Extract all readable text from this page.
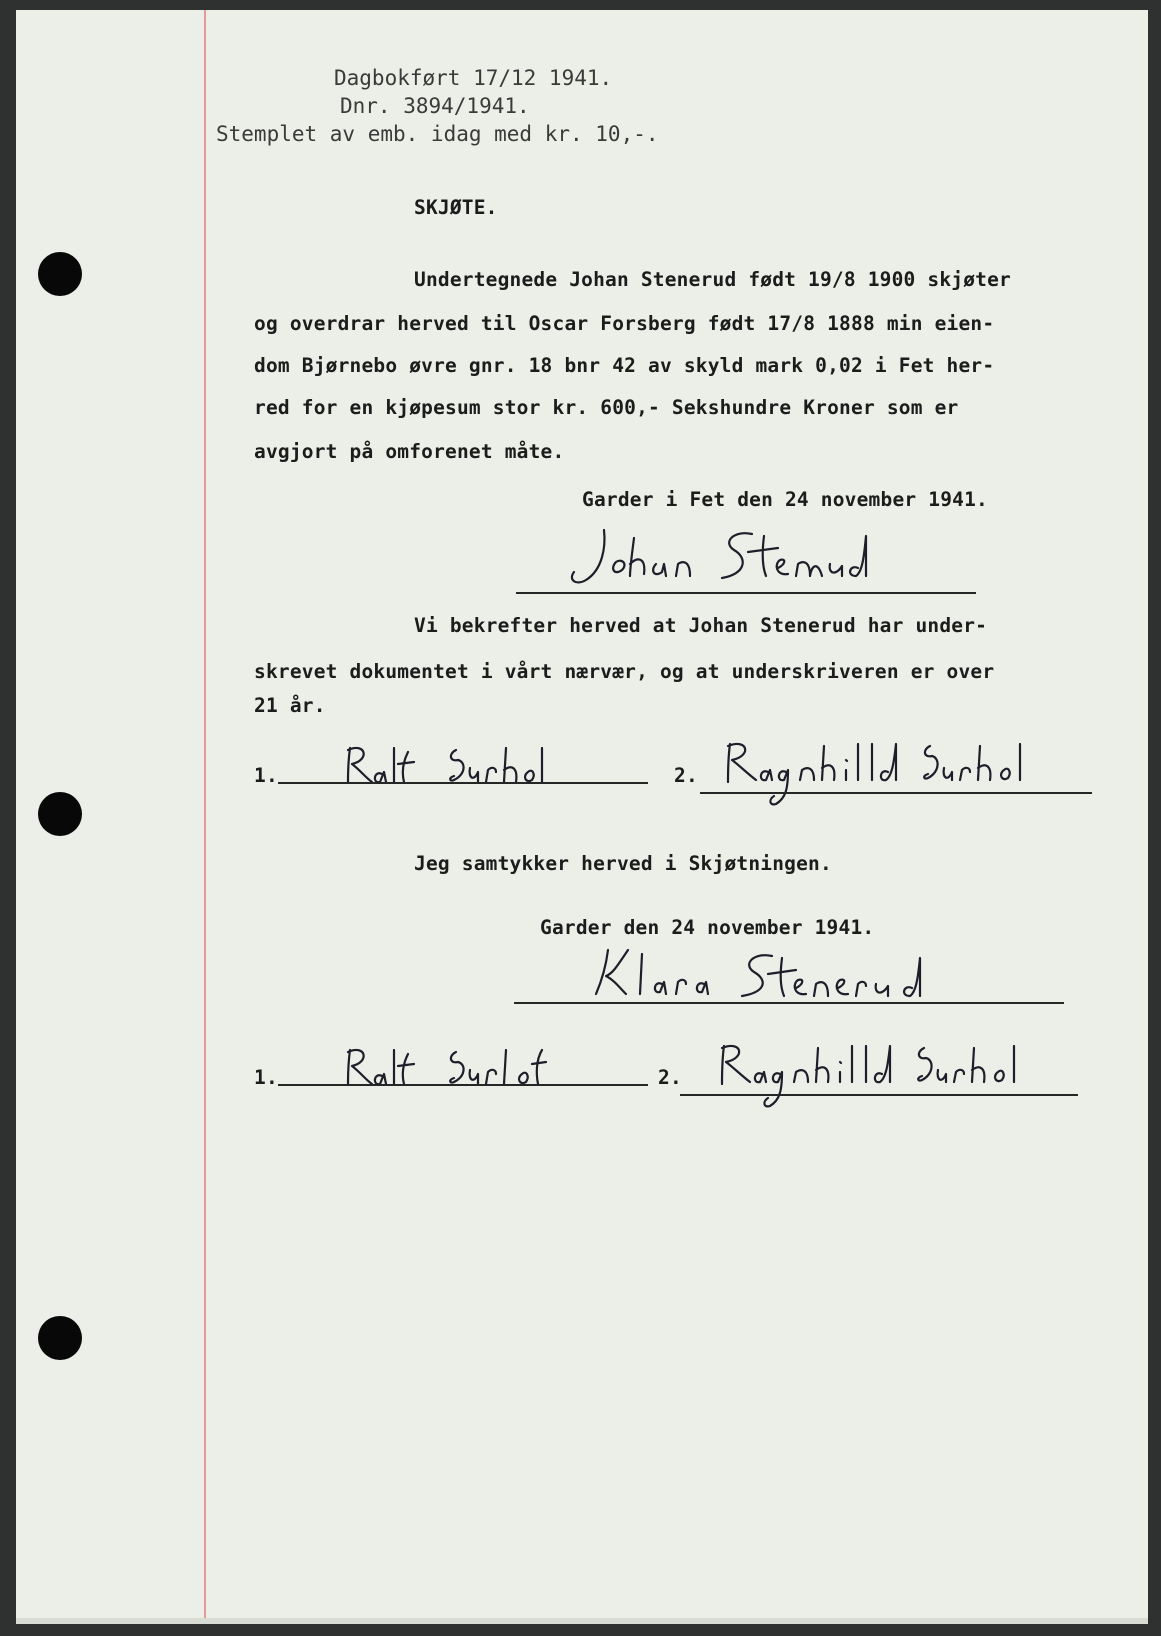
Dagbokført 17/12 1941.

Dnr. 3894/1941.

Stemplet av emb. idag med kr. 10,-.

SKJØTE.

Undertegnede Johan Stenerud født 19/8 1900 skjøter

og overdrar herved til Oscar Forsberg født 17/8 1888 min eien-

dom Bjørnebo øvre gnr. 18 bnr 42 av skyld mark 0,02 i Fet her-

red for en kjøpesum stor kr. 600,- Sekshundre Kroner som er

avgjort på omforenet måte.

Garder i Fet den 24 november 1941.

Vi bekrefter herved at Johan Stenerud har under-

skrevet dokumentet i vårt nærvær, og at underskriveren er over

21 år.

1.	2.

Jeg samtykker herved i Skjøtningen.

Garder den 24 november 1941.

1.	2.
